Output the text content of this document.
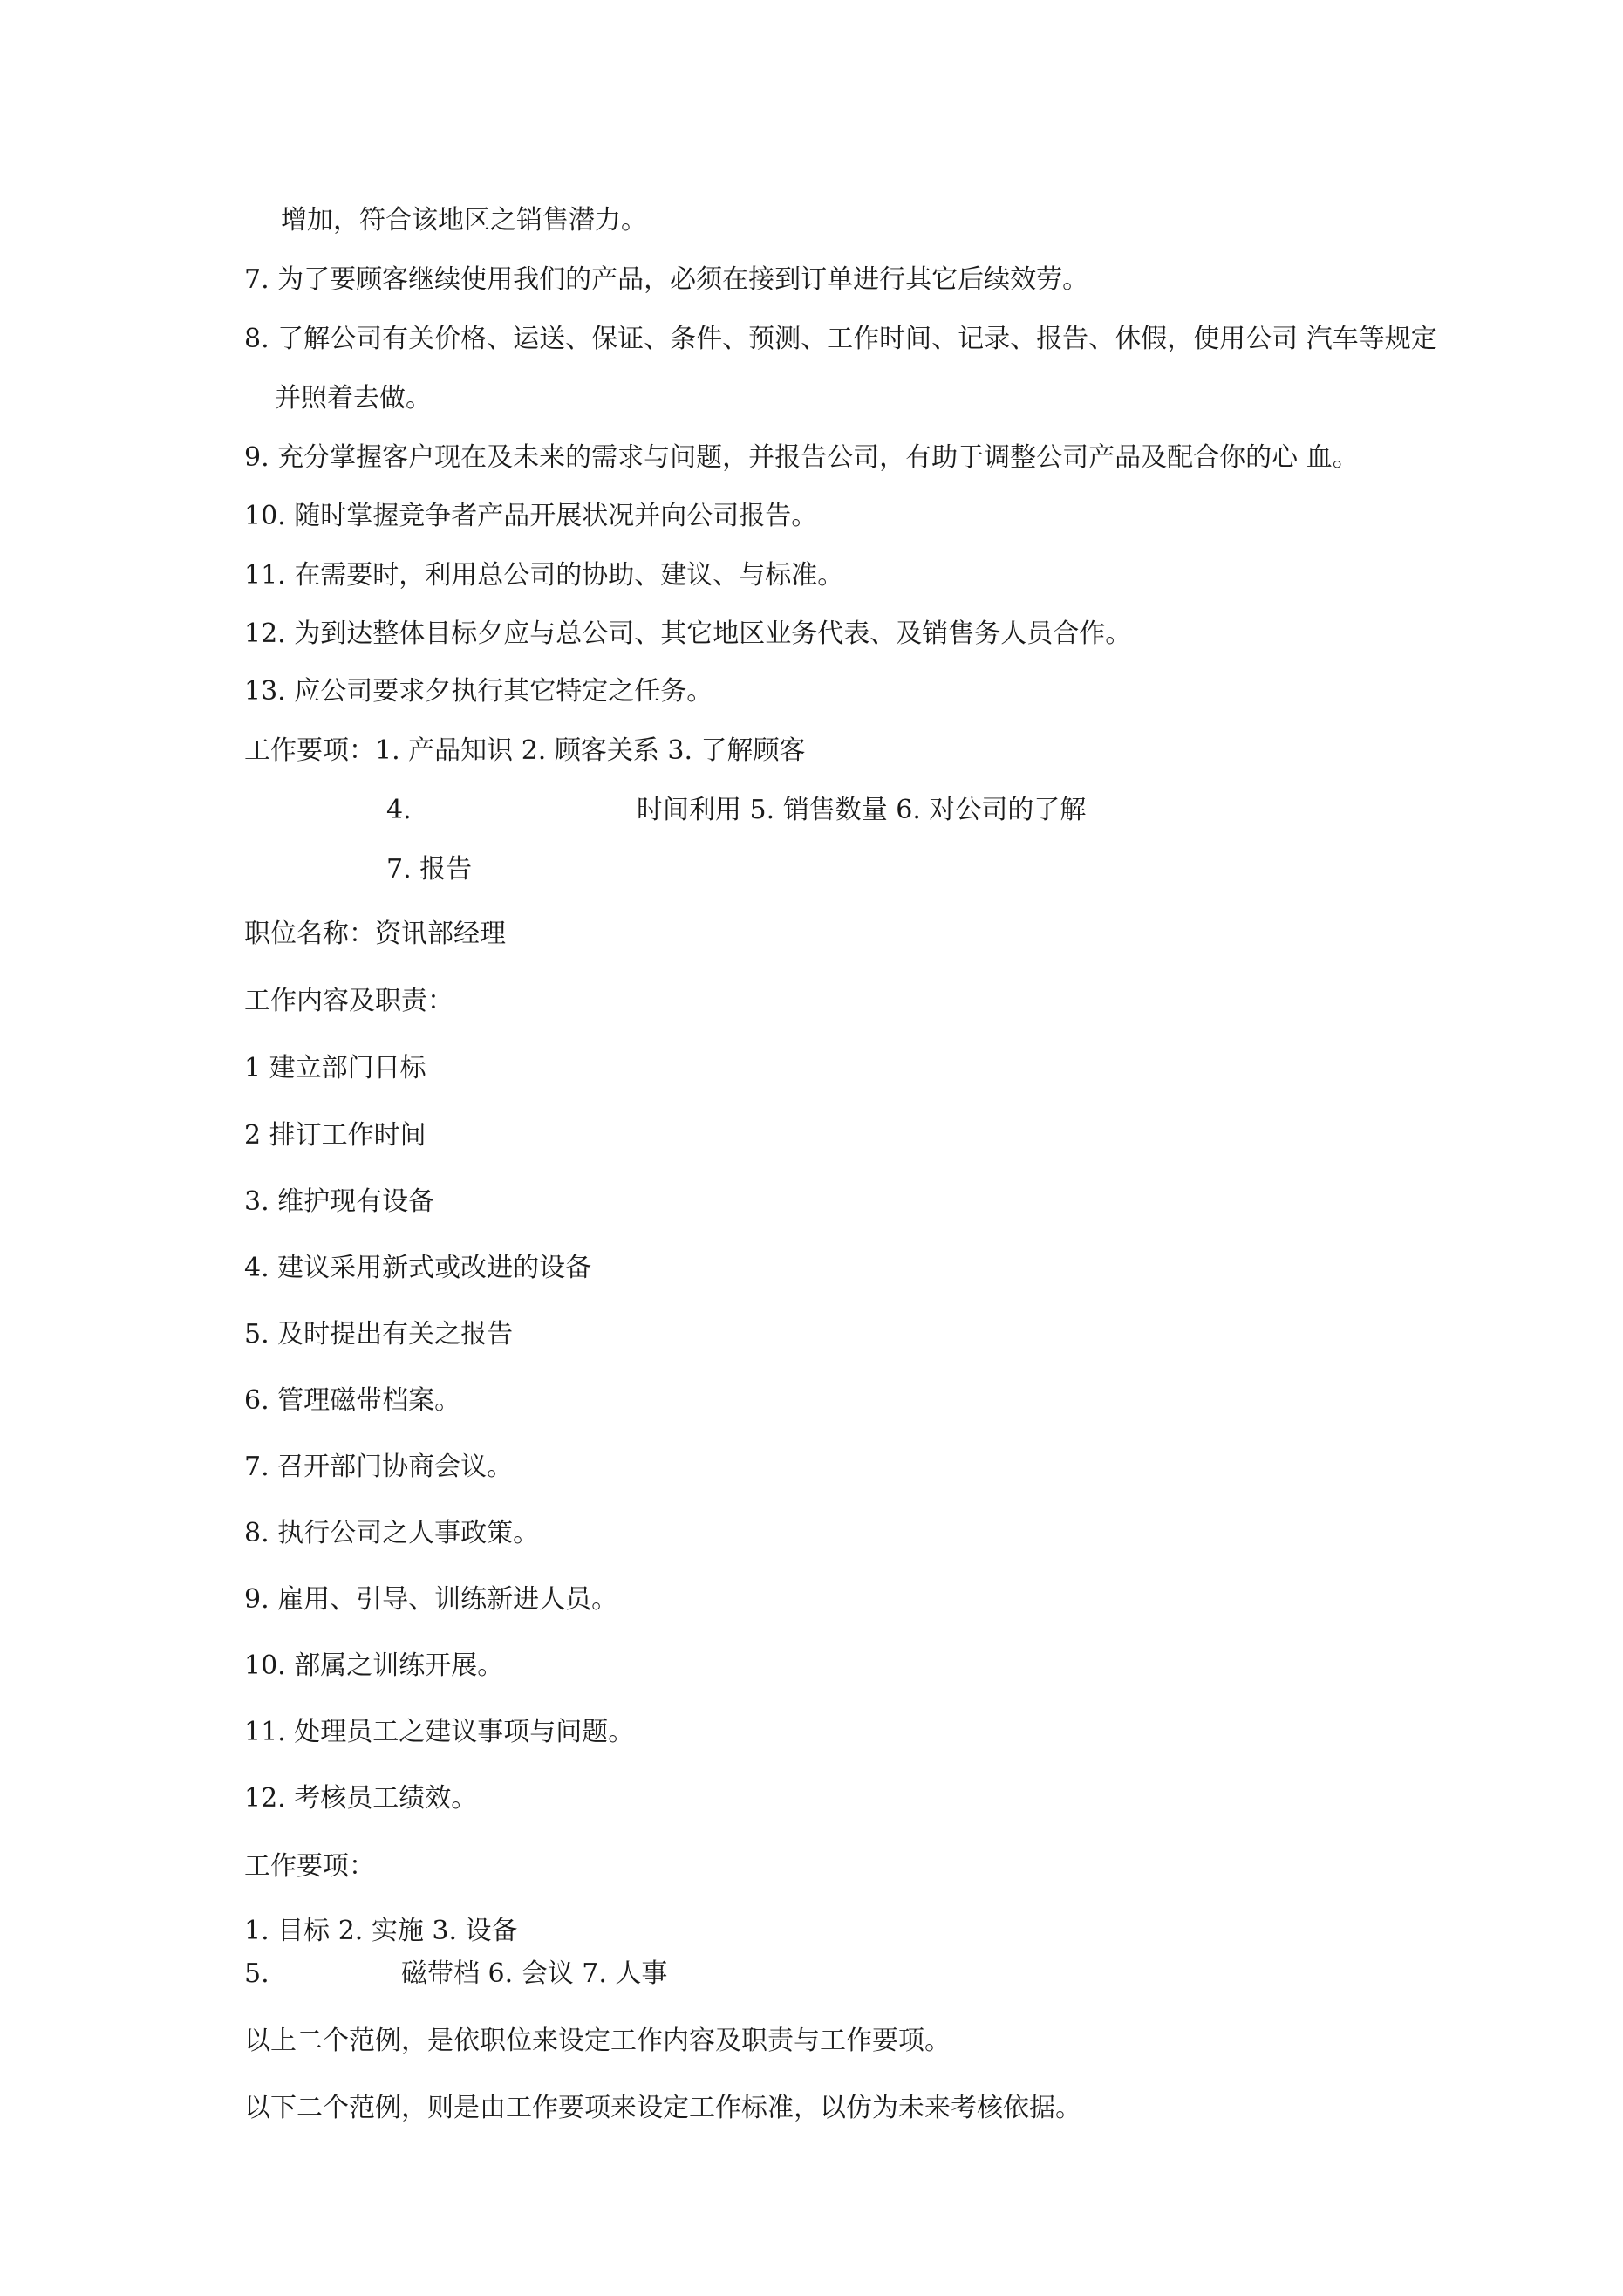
增加，符合该地区之销售潜力。
7. 为了要顾客继续使用我们的产品，必须在接到订单进行其它后续效劳。
8. 了解公司有关价格、运送、保证、条件、预测、工作时间、记录、报告、休假，使用公司 汽车等规定
并照着去做。
9. 充分掌握客户现在及未来的需求与问题，并报告公司，有助于调整公司产品及配合你的心 血。
10. 随时掌握竞争者产品开展状况并向公司报告。
11. 在需要时，利用总公司的协助、建议、与标准。
12. 为到达整体目标夕应与总公司、其它地区业务代表、及销售务人员合作。
13. 应公司要求夕执行其它特定之任务。
工作要项：1. 产品知识 2. 顾客关系 3. 了解顾客
4.	时间利用 5. 销售数量 6. 对公司的了解
7. 报告
职位名称：资讯部经理
工作内容及职责：
1 建立部门目标
2 排订工作时间
3. 维护现有设备
4. 建议采用新式或改进的设备
5. 及时提出有关之报告
6. 管理磁带档案。
7. 召开部门协商会议。
8. 执行公司之人事政策。
9. 雇用、引导、训练新进人员。
10. 部属之训练开展。
11. 处理员工之建议事项与问题。
12. 考核员工绩效。
工作要项：
1. 目标 2. 实施 3. 设备
5.	磁带档 6. 会议 7. 人事
以上二个范例，是依职位来设定工作内容及职责与工作要项。
以下二个范例，则是由工作要项来设定工作标准，以仿为未来考核依据。
